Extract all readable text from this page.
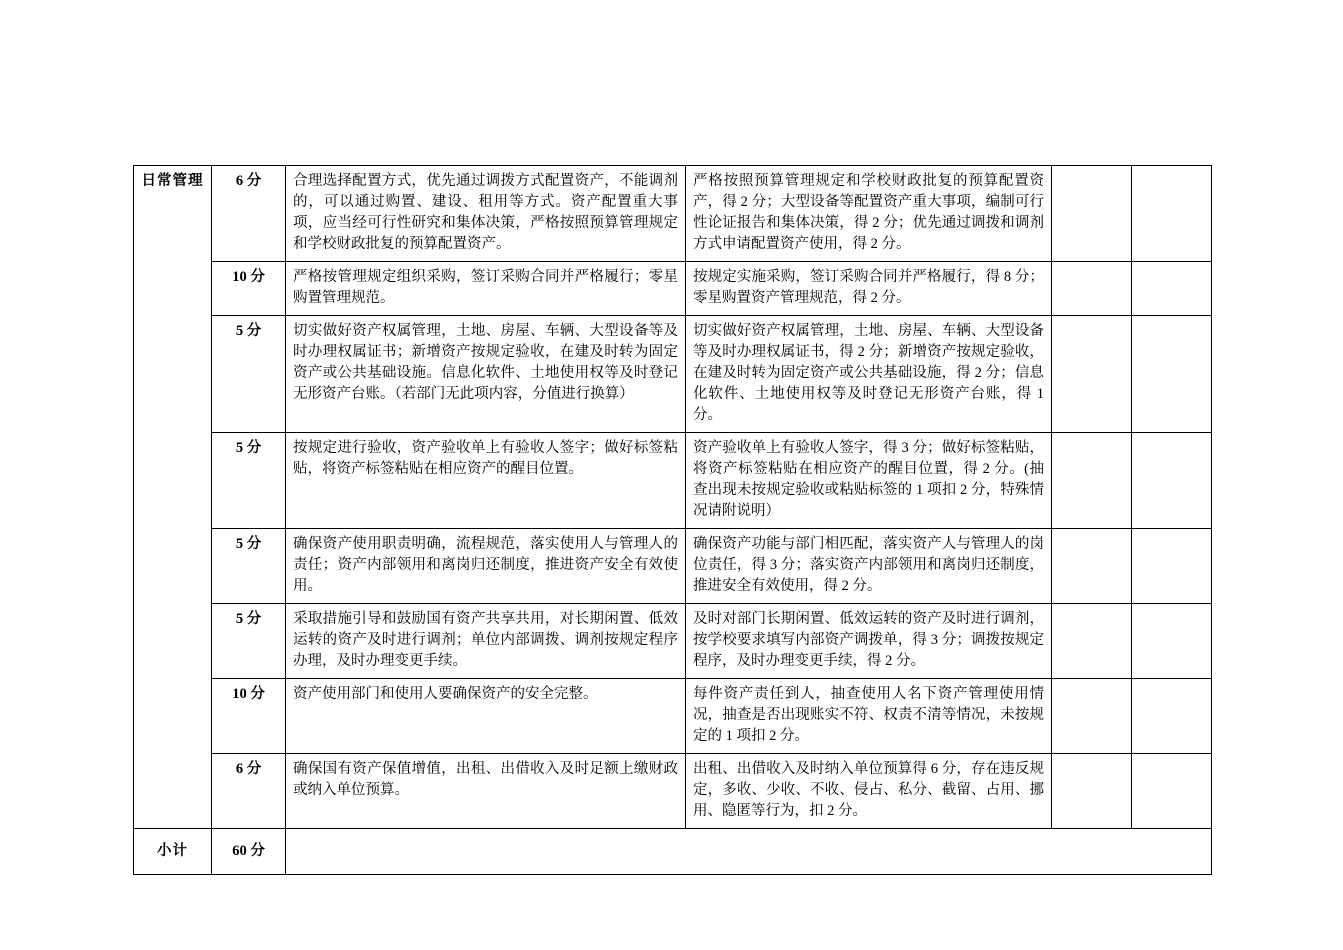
日常管理	6 分	合理选择配置方式，优先通过调拨方式配置资产，不能调剂的，可以通过购置、建设、租用等方式。资产配置重大事项，应当经可行性研究和集体决策，严格按照预算管理规定和学校财政批复的预算配置资产。	严格按照预算管理规定和学校财政批复的预算配置资产，得 2 分；大型设备等配置资产重大事项，编制可行性论证报告和集体决策，得 2 分；优先通过调拨和调剂方式申请配置资产使用，得 2 分。		
	10 分	严格按管理规定组织采购，签订采购合同并严格履行；零星购置管理规范。	按规定实施采购，签订采购合同并严格履行，得 8 分；零星购置资产管理规范，得 2 分。		
	5 分	切实做好资产权属管理，土地、房屋、车辆、大型设备等及时办理权属证书；新增资产按规定验收，在建及时转为固定资产或公共基础设施。信息化软件、土地使用权等及时登记无形资产台账。（若部门无此项内容，分值进行换算）	切实做好资产权属管理，土地、房屋、车辆、大型设备等及时办理权属证书，得 2 分；新增资产按规定验收，在建及时转为固定资产或公共基础设施，得 2 分；信息化软件、土地使用权等及时登记无形资产台账，得 1 分。		
	5 分	按规定进行验收，资产验收单上有验收人签字；做好标签粘贴，将资产标签粘贴在相应资产的醒目位置。	资产验收单上有验收人签字，得 3 分；做好标签粘贴，将资产标签粘贴在相应资产的醒目位置，得 2 分。(抽查出现未按规定验收或粘贴标签的 1 项扣 2 分，特殊情况请附说明）		
	5 分	确保资产使用职责明确，流程规范，落实使用人与管理人的责任；资产内部领用和离岗归还制度，推进资产安全有效使用。	确保资产功能与部门相匹配，落实资产人与管理人的岗位责任，得 3 分；落实资产内部领用和离岗归还制度，推进安全有效使用，得 2 分。		
	5 分	采取措施引导和鼓励国有资产共享共用，对长期闲置、低效运转的资产及时进行调剂；单位内部调拨、调剂按规定程序办理，及时办理变更手续。	及时对部门长期闲置、低效运转的资产及时进行调剂，按学校要求填写内部资产调拨单，得 3 分；调拨按规定程序，及时办理变更手续，得 2 分。		
	10 分	资产使用部门和使用人要确保资产的安全完整。	每件资产责任到人，抽查使用人名下资产管理使用情况，抽查是否出现账实不符、权责不清等情况，未按规定的 1 项扣 2 分。		
	6 分	确保国有资产保值增值，出租、出借收入及时足额上缴财政或纳入单位预算。	出租、出借收入及时纳入单位预算得 6 分，存在违反规定，多收、少收、不收、侵占、私分、截留、占用、挪用、隐匿等行为，扣 2 分。		
小计	60 分				
